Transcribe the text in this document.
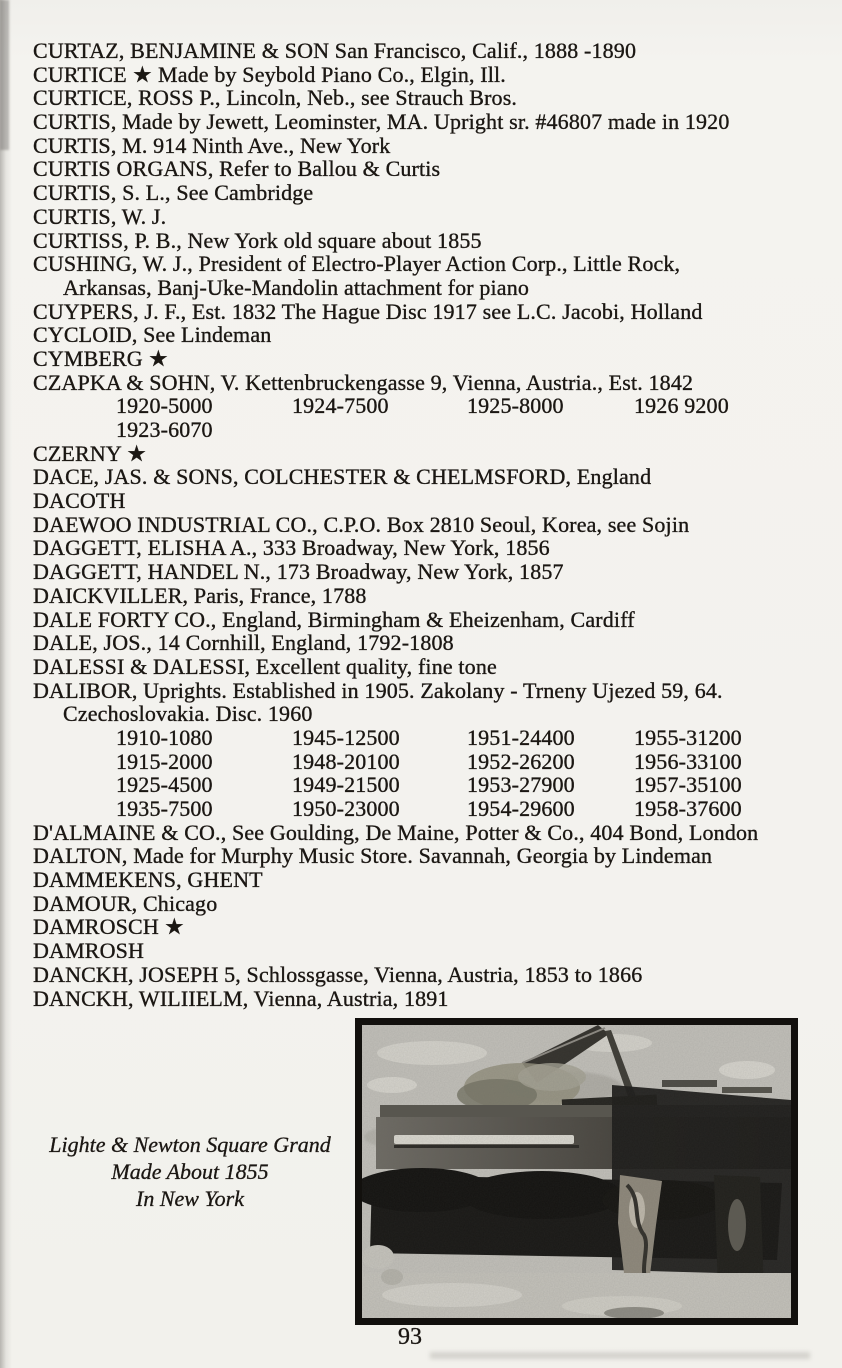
CURTAZ, BENJAMINE & SON San Francisco, Calif., 1888 -1890
CURTICE ★ Made by Seybold Piano Co., Elgin, Ill.
CURTICE, ROSS P., Lincoln, Neb., see Strauch Bros.
CURTIS, Made by Jewett, Leominster, MA. Upright sr. #46807 made in 1920
CURTIS, M. 914 Ninth Ave., New York
CURTIS ORGANS, Refer to Ballou & Curtis
CURTIS, S. L., See Cambridge
CURTIS, W. J.
CURTISS, P. B., New York old square about 1855
CUSHING, W. J., President of Electro-Player Action Corp., Little Rock,
Arkansas, Banj-Uke-Mandolin attachment for piano
CUYPERS, J. F., Est. 1832 The Hague Disc 1917 see L.C. Jacobi, Holland
CYCLOID, See Lindeman
CYMBERG ★
CZAPKA & SOHN, V. Kettenbruckengasse 9, Vienna, Austria., Est. 1842
1920-5000	1924-7500	1925-8000	1926 9200
1923-6070
CZERNY ★
DACE, JAS. & SONS, COLCHESTER & CHELMSFORD, England
DACOTH
DAEWOO INDUSTRIAL CO., C.P.O. Box 2810 Seoul, Korea, see Sojin
DAGGETT, ELISHA A., 333 Broadway, New York, 1856
DAGGETT, HANDEL N., 173 Broadway, New York, 1857
DAICKVILLER, Paris, France, 1788
DALE FORTY CO., England, Birmingham & Eheizenham, Cardiff
DALE, JOS., 14 Cornhill, England, 1792-1808
DALESSI & DALESSI, Excellent quality, fine tone
DALIBOR, Uprights. Established in 1905. Zakolany - Trneny Ujezed 59, 64.
Czechoslovakia. Disc. 1960
1910-1080	1945-12500	1951-24400	1955-31200
1915-2000	1948-20100	1952-26200	1956-33100
1925-4500	1949-21500	1953-27900	1957-35100
1935-7500	1950-23000	1954-29600	1958-37600
D'ALMAINE & CO., See Goulding, De Maine, Potter & Co., 404 Bond, London
DALTON, Made for Murphy Music Store. Savannah, Georgia by Lindeman
DAMMEKENS, GHENT
DAMOUR, Chicago
DAMROSCH ★
DAMROSH
DANCKH, JOSEPH 5, Schlossgasse, Vienna, Austria, 1853 to 1866
DANCKH, WILIIELM, Vienna, Austria, 1891
Lighte & Newton Square Grand
Made About 1855
In New York
93
